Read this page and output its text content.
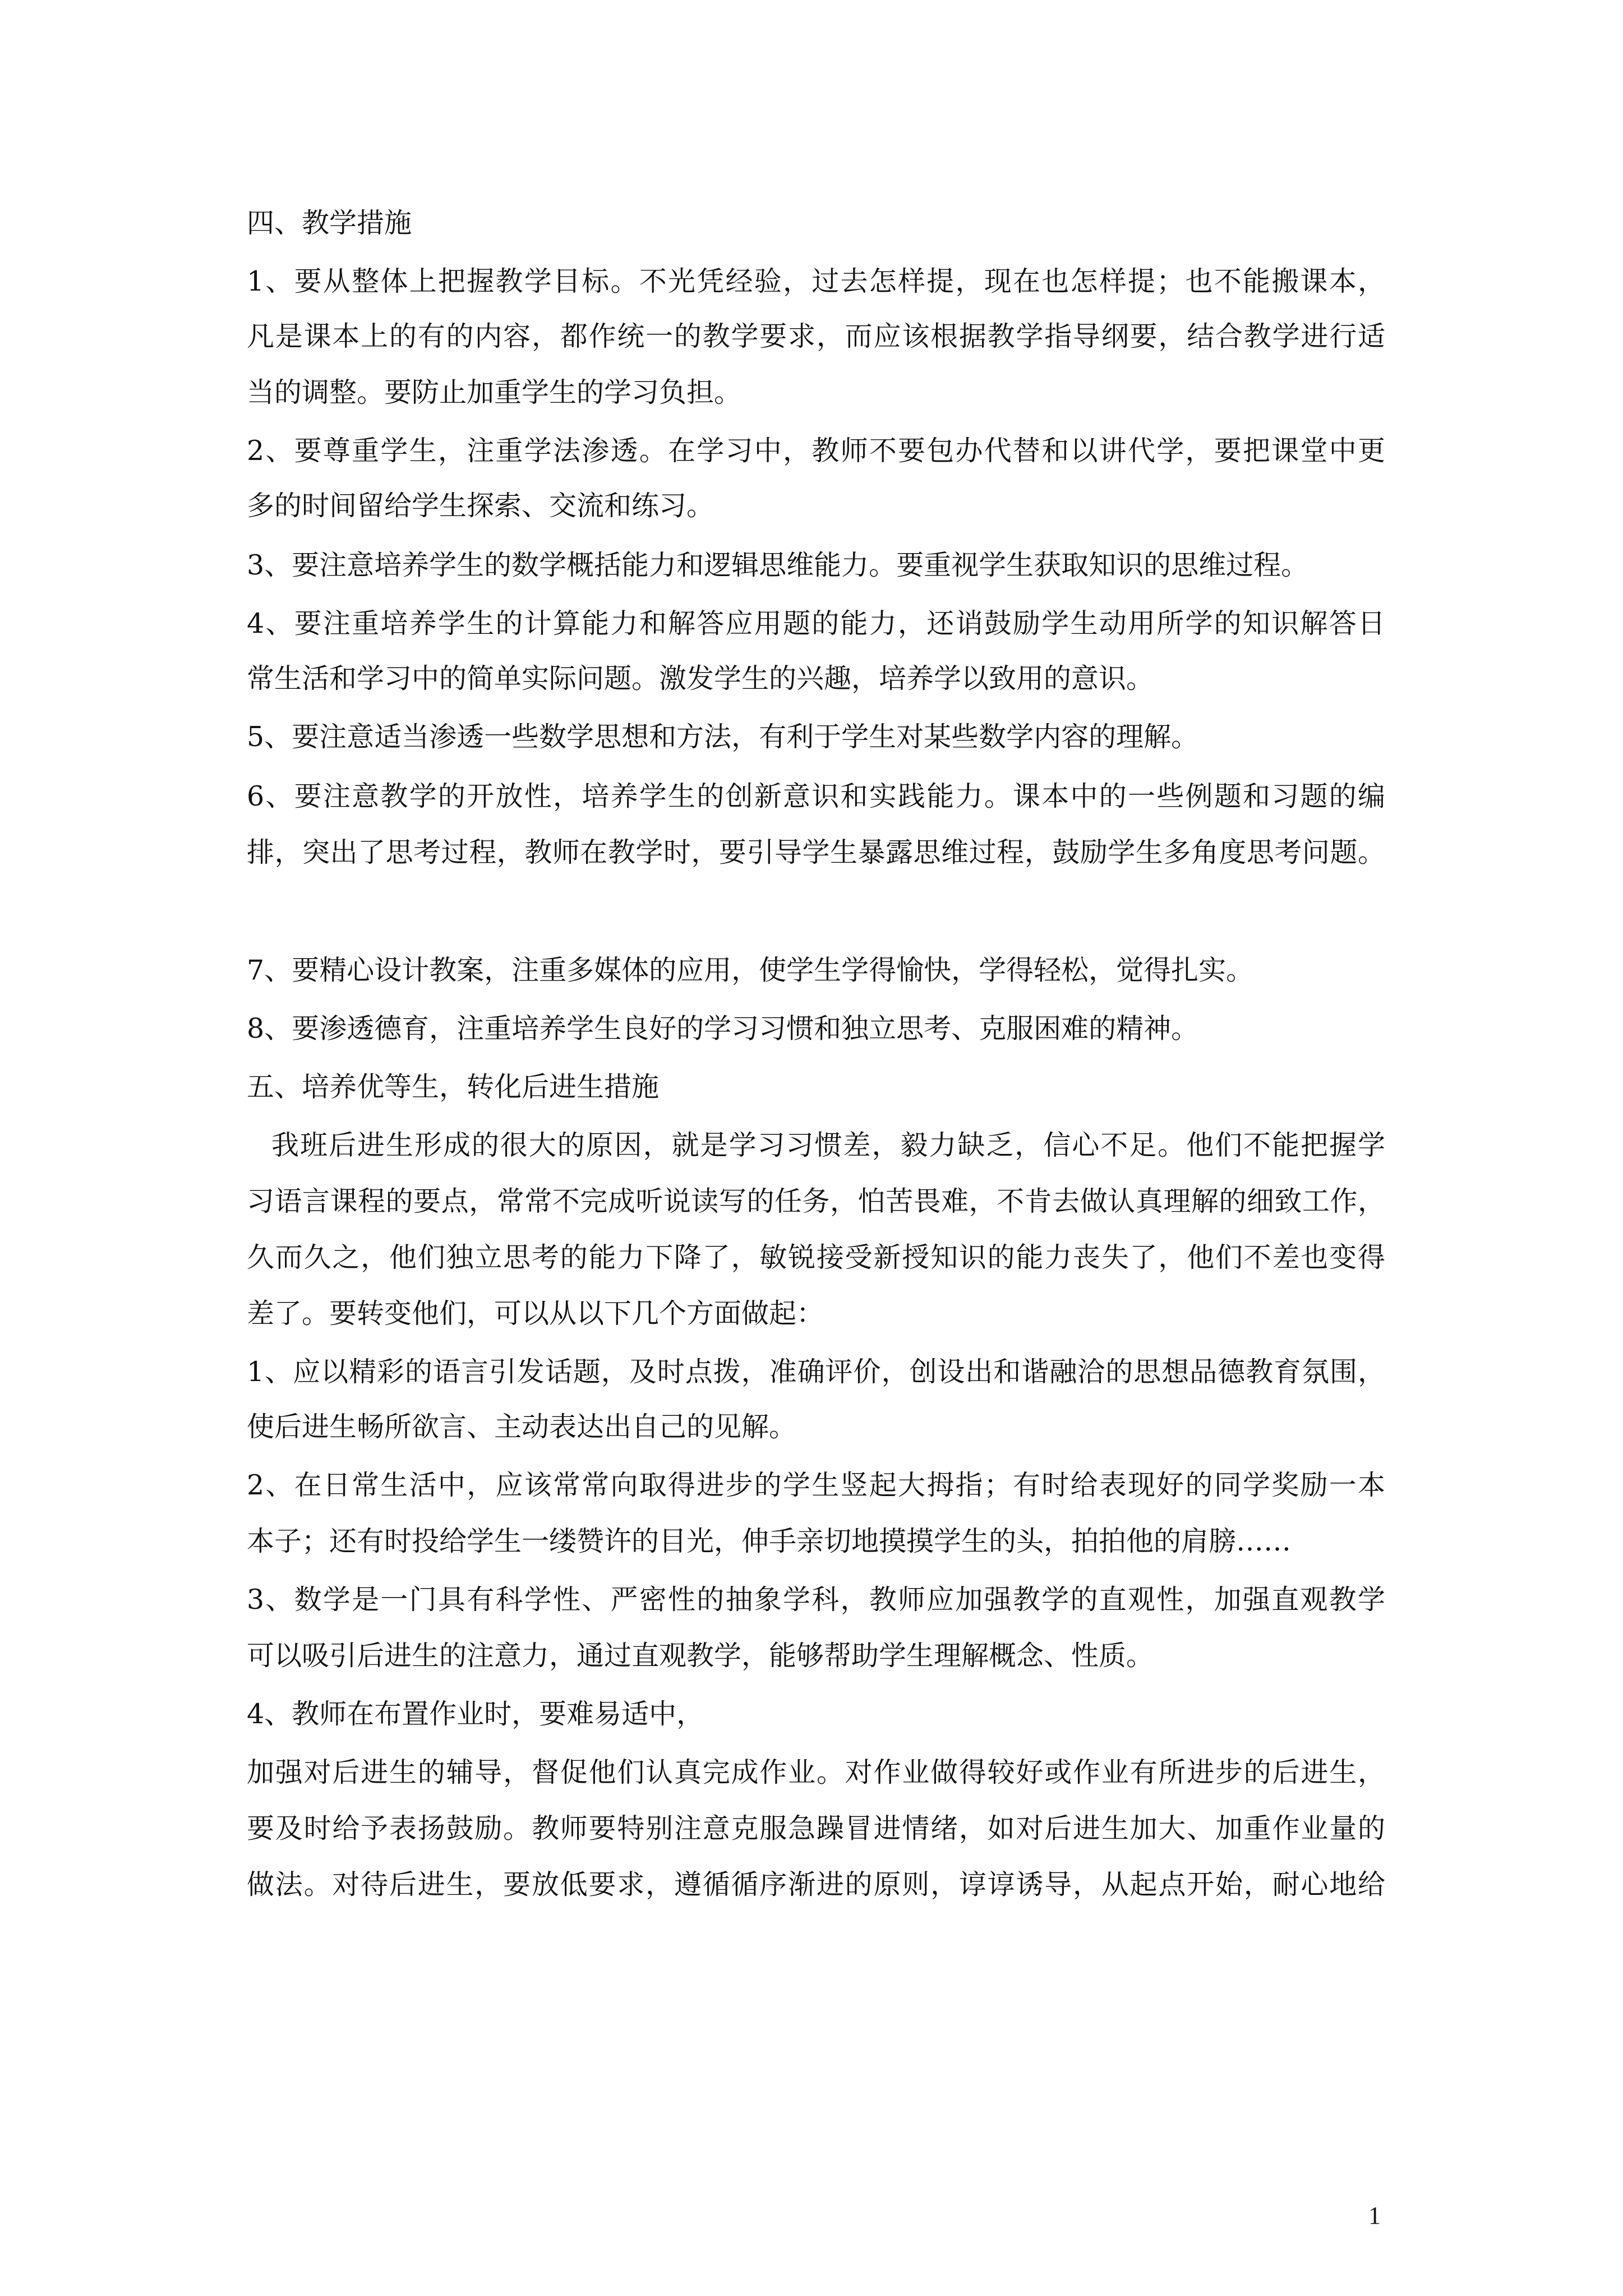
四、教学措施
1、要从整体上把握教学目标。不光凭经验，过去怎样提，现在也怎样提；也不能搬课本，
凡是课本上的有的内容，都作统一的教学要求，而应该根据教学指导纲要，结合教学进行适
当的调整。要防止加重学生的学习负担。
2、要尊重学生，注重学法渗透。在学习中，教师不要包办代替和以讲代学，要把课堂中更
多的时间留给学生探索、交流和练习。
3、要注意培养学生的数学概括能力和逻辑思维能力。要重视学生获取知识的思维过程。
4、要注重培养学生的计算能力和解答应用题的能力，还诮鼓励学生动用所学的知识解答日
常生活和学习中的简单实际问题。激发学生的兴趣，培养学以致用的意识。
5、要注意适当渗透一些数学思想和方法，有利于学生对某些数学内容的理解。
6、要注意教学的开放性，培养学生的创新意识和实践能力。课本中的一些例题和习题的编
排，突出了思考过程，教师在教学时，要引导学生暴露思维过程，鼓励学生多角度思考问题。
7、要精心设计教案，注重多媒体的应用，使学生学得愉快，学得轻松，觉得扎实。
8、要渗透德育，注重培养学生良好的学习习惯和独立思考、克服困难的精神。
五、培养优等生，转化后进生措施
我班后进生形成的很大的原因，就是学习习惯差，毅力缺乏，信心不足。他们不能把握学
习语言课程的要点，常常不完成听说读写的任务，怕苦畏难，不肯去做认真理解的细致工作，
久而久之，他们独立思考的能力下降了，敏锐接受新授知识的能力丧失了，他们不差也变得
差了。要转变他们，可以从以下几个方面做起：
1、应以精彩的语言引发话题，及时点拨，准确评价，创设出和谐融洽的思想品德教育氛围，
使后进生畅所欲言、主动表达出自己的见解。
2、在日常生活中，应该常常向取得进步的学生竖起大拇指；有时给表现好的同学奖励一本
本子；还有时投给学生一缕赞许的目光，伸手亲切地摸摸学生的头，拍拍他的肩膀……
3、数学是一门具有科学性、严密性的抽象学科，教师应加强教学的直观性，加强直观教学
可以吸引后进生的注意力，通过直观教学，能够帮助学生理解概念、性质。
4、教师在布置作业时，要难易适中，
加强对后进生的辅导，督促他们认真完成作业。对作业做得较好或作业有所进步的后进生，
要及时给予表扬鼓励。教师要特别注意克服急躁冒进情绪，如对后进生加大、加重作业量的
做法。对待后进生，要放低要求，遵循循序渐进的原则，谆谆诱导，从起点开始，耐心地给
1
